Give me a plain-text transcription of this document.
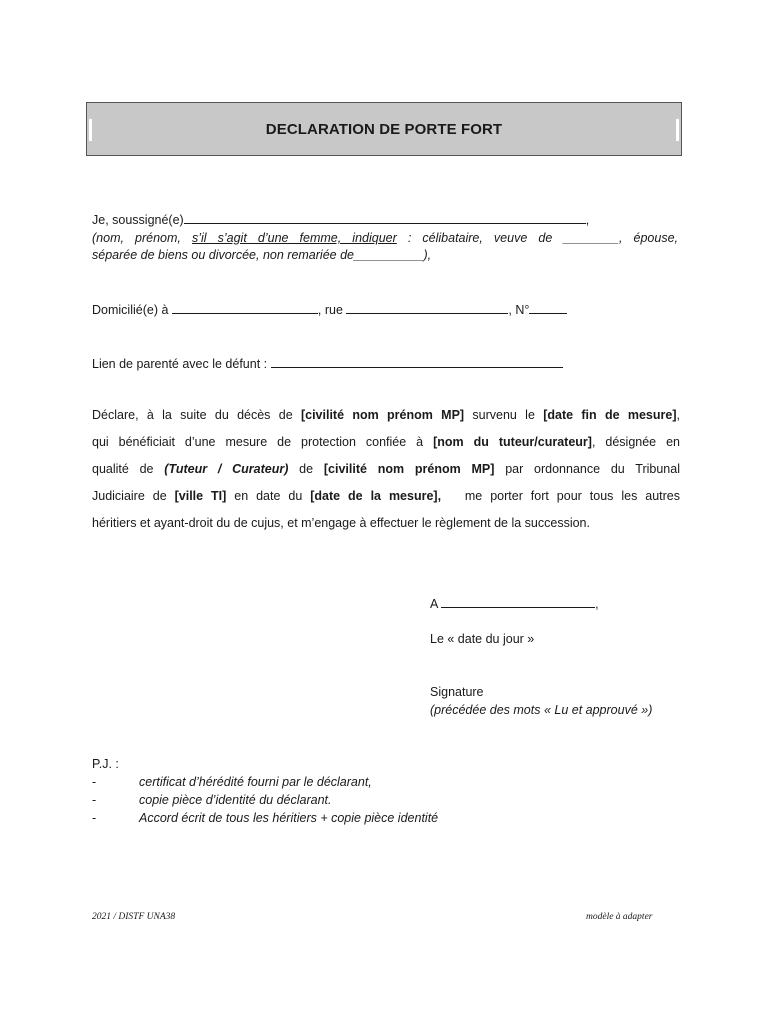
DECLARATION DE PORTE FORT
Je, soussigné(e)	,
(nom, prénom, s’il s’agit d’une femme, indiquer : célibataire, veuve de ________, épouse,
séparée de biens ou divorcée, non remariée de__________),
Domicilié(e) à	, rue	, N°
Lien de parenté avec le défunt :
Déclare, à la suite du décès de [civilité nom prénom MP] survenu le [date fin de mesure],
qui bénéficiait d’une mesure de protection confiée à [nom du tuteur/curateur], désignée en
qualité de (Tuteur / Curateur) de [civilité nom prénom MP] par ordonnance du Tribunal
Judiciaire de [ville TI] en date du [date de la mesure],   me porter fort pour tous les autres
héritiers et ayant-droit du de cujus, et m’engage à effectuer le règlement de la succession.
A	,
Le « date du jour »
Signature
(précédée des mots « Lu et approuvé »)
P.J. :
-	certificat d’hérédité fourni par le déclarant,
-	copie pièce d’identité du déclarant.
-	Accord écrit de tous les héritiers + copie pièce identité
2021 / DISTF UNA38	modèle à adapter
